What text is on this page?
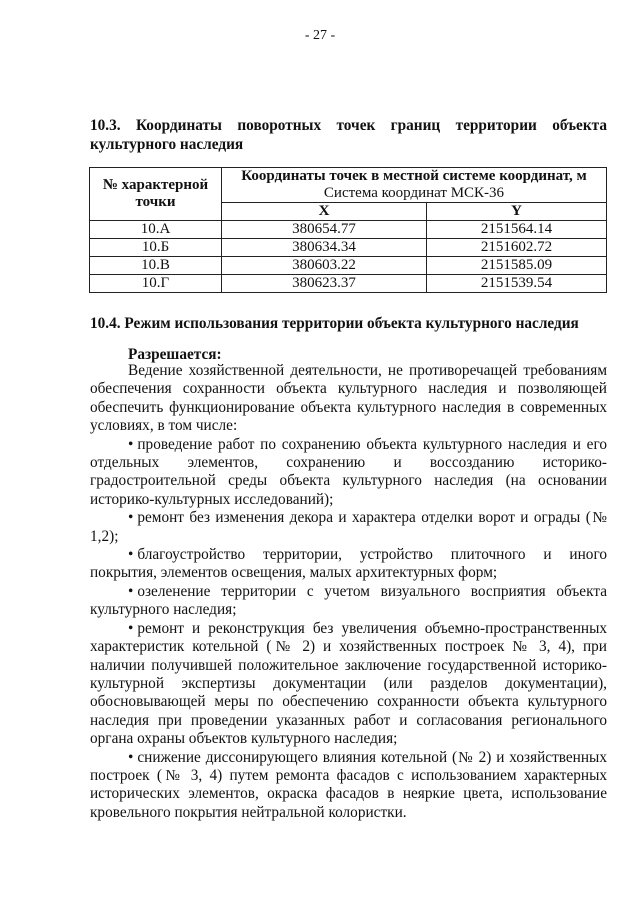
- 27 -
10.3. Координаты поворотных точек границ территории объекта культурного наследия
№ характерной точки	Координаты точек в местной системе координат, м
Система координат МСК-36	
	X	Y
10.А	380654.77	2151564.14
10.Б	380634.34	2151602.72
10.В	380603.22	2151585.09
10.Г	380623.37	2151539.54
10.4. Режим использования территории объекта культурного наследия
Разрешается:

Ведение хозяйственной деятельности, не противоречащей требованиям обеспечения сохранности объекта культурного наследия и позволяющей обеспечить функционирование объекта культурного наследия в современных условиях, в том числе:

• проведение работ по сохранению объекта культурного наследия и его отдельных элементов, сохранению и воссозданию историко-градостроительной среды объекта культурного наследия (на основании историко-культурных исследований);

• ремонт без изменения декора и характера отделки ворот и ограды (№ 1,2);

• благоустройство территории, устройство плиточного и иного покрытия, элементов освещения, малых архитектурных форм;

• озеленение территории с учетом визуального восприятия объекта культурного наследия;

• ремонт и реконструкция без увеличения объемно-пространственных характеристик котельной (№ 2) и хозяйственных построек № 3, 4), при наличии получившей положительное заключение государственной историко-культурной экспертизы документации (или разделов документации), обосновывающей меры по обеспечению сохранности объекта культурного наследия при проведении указанных работ и согласования регионального органа охраны объектов культурного наследия;

• снижение диссонирующего влияния котельной (№ 2) и хозяйственных построек (№ 3, 4) путем ремонта фасадов с использованием характерных исторических элементов, окраска фасадов в неяркие цвета, использование кровельного покрытия нейтральной колористки.
